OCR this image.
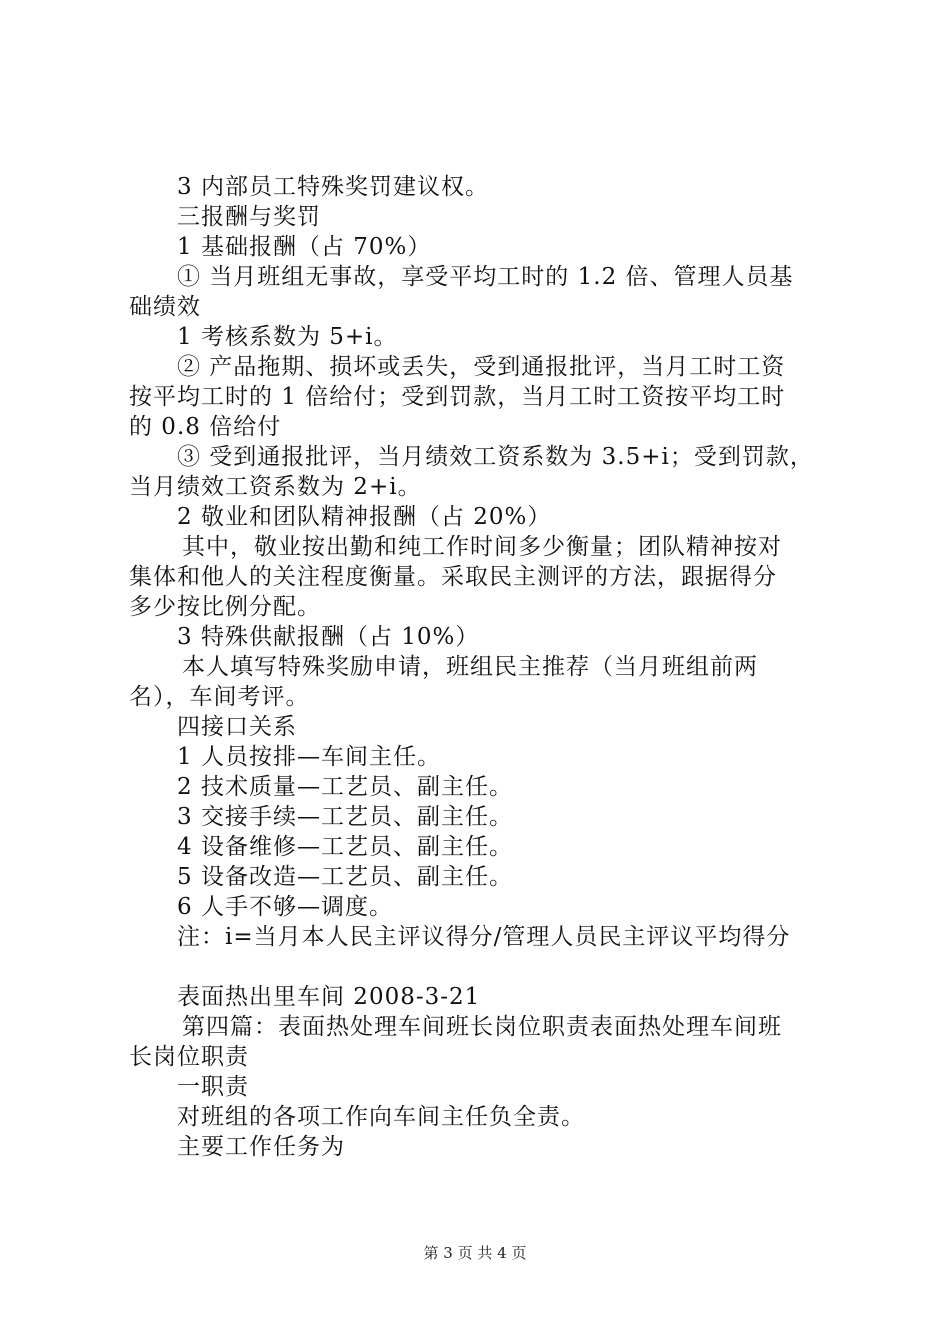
3 内部员工特殊奖罚建议权。
三报酬与奖罚
1 基础报酬（占 70%）
① 当月班组无事故，享受平均工时的 1.2 倍、管理人员基
础绩效
1 考核系数为 5+i。
② 产品拖期、损坏或丢失，受到通报批评，当月工时工资
按平均工时的 1 倍给付；受到罚款，当月工时工资按平均工时
的 0.8 倍给付
③ 受到通报批评，当月绩效工资系数为 3.5+i；受到罚款，
当月绩效工资系数为 2+i。
2 敬业和团队精神报酬（占 20%）
其中，敬业按出勤和纯工作时间多少衡量；团队精神按对
集体和他人的关注程度衡量。采取民主测评的方法，跟据得分
多少按比例分配。
3 特殊供献报酬（占 10%）
本人填写特殊奖励申请，班组民主推荐（当月班组前两
名），车间考评。
四接口关系
1 人员按排—车间主任。
2 技术质量—工艺员、副主任。
3 交接手续—工艺员、副主任。
4 设备维修—工艺员、副主任。
5 设备改造—工艺员、副主任。
6 人手不够—调度。
注：i=当月本人民主评议得分/管理人员民主评议平均得分
表面热出里车间 2008-3-21
第四篇：表面热处理车间班长岗位职责表面热处理车间班
长岗位职责
一职责
对班组的各项工作向车间主任负全责。
主要工作任务为
第 3 页 共 4 页
